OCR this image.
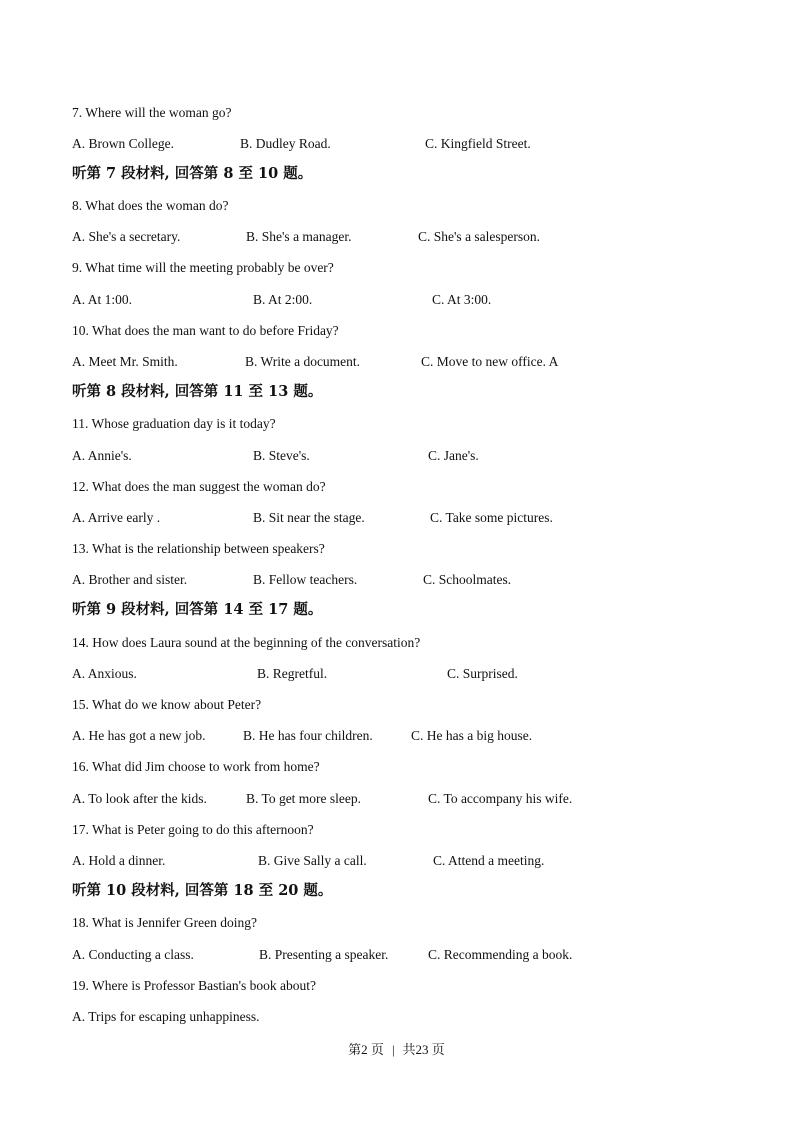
7. Where will the woman go?
A. Brown College.	B. Dudley Road.	C. Kingfield Street.
听第 7 段材料, 回答第 8 至 10 题。
8. What does the woman do?
A. She's a secretary.	B. She's a manager.	C. She's a salesperson.
9. What time will the meeting probably be over?
A. At 1:00.	B. At 2:00.	C. At 3:00.
10. What does the man want to do before Friday?
A. Meet Mr. Smith.	B. Write a document.	C. Move to new office. A
听第 8 段材料, 回答第 11 至 13 题。
11. Whose graduation day is it today?
A. Annie's.	B. Steve's.	C. Jane's.
12. What does the man suggest the woman do?
A. Arrive early .	B. Sit near the stage.	C. Take some pictures.
13. What is the relationship between speakers?
A. Brother and sister.	B. Fellow teachers.	C. Schoolmates.
听第 9 段材料, 回答第 14 至 17 题。
14. How does Laura sound at the beginning of the conversation?
A. Anxious.	B. Regretful.	C. Surprised.
15. What do we know about Peter?
A. He has got a new job.	B. He has four children.	C. He has a big house.
16. What did Jim choose to work from home?
A. To look after the kids.	B. To get more sleep.	C. To accompany his wife.
17. What is Peter going to do this afternoon?
A. Hold a dinner.	B. Give Sally a call.	C. Attend a meeting.
听第 10 段材料, 回答第 18 至 20 题。
18. What is Jennifer Green doing?
A. Conducting a class.	B. Presenting a speaker.	C. Recommending a book.
19. Where is Professor Bastian's book about?
A. Trips for escaping unhappiness.
第2 页 | 共23 页
